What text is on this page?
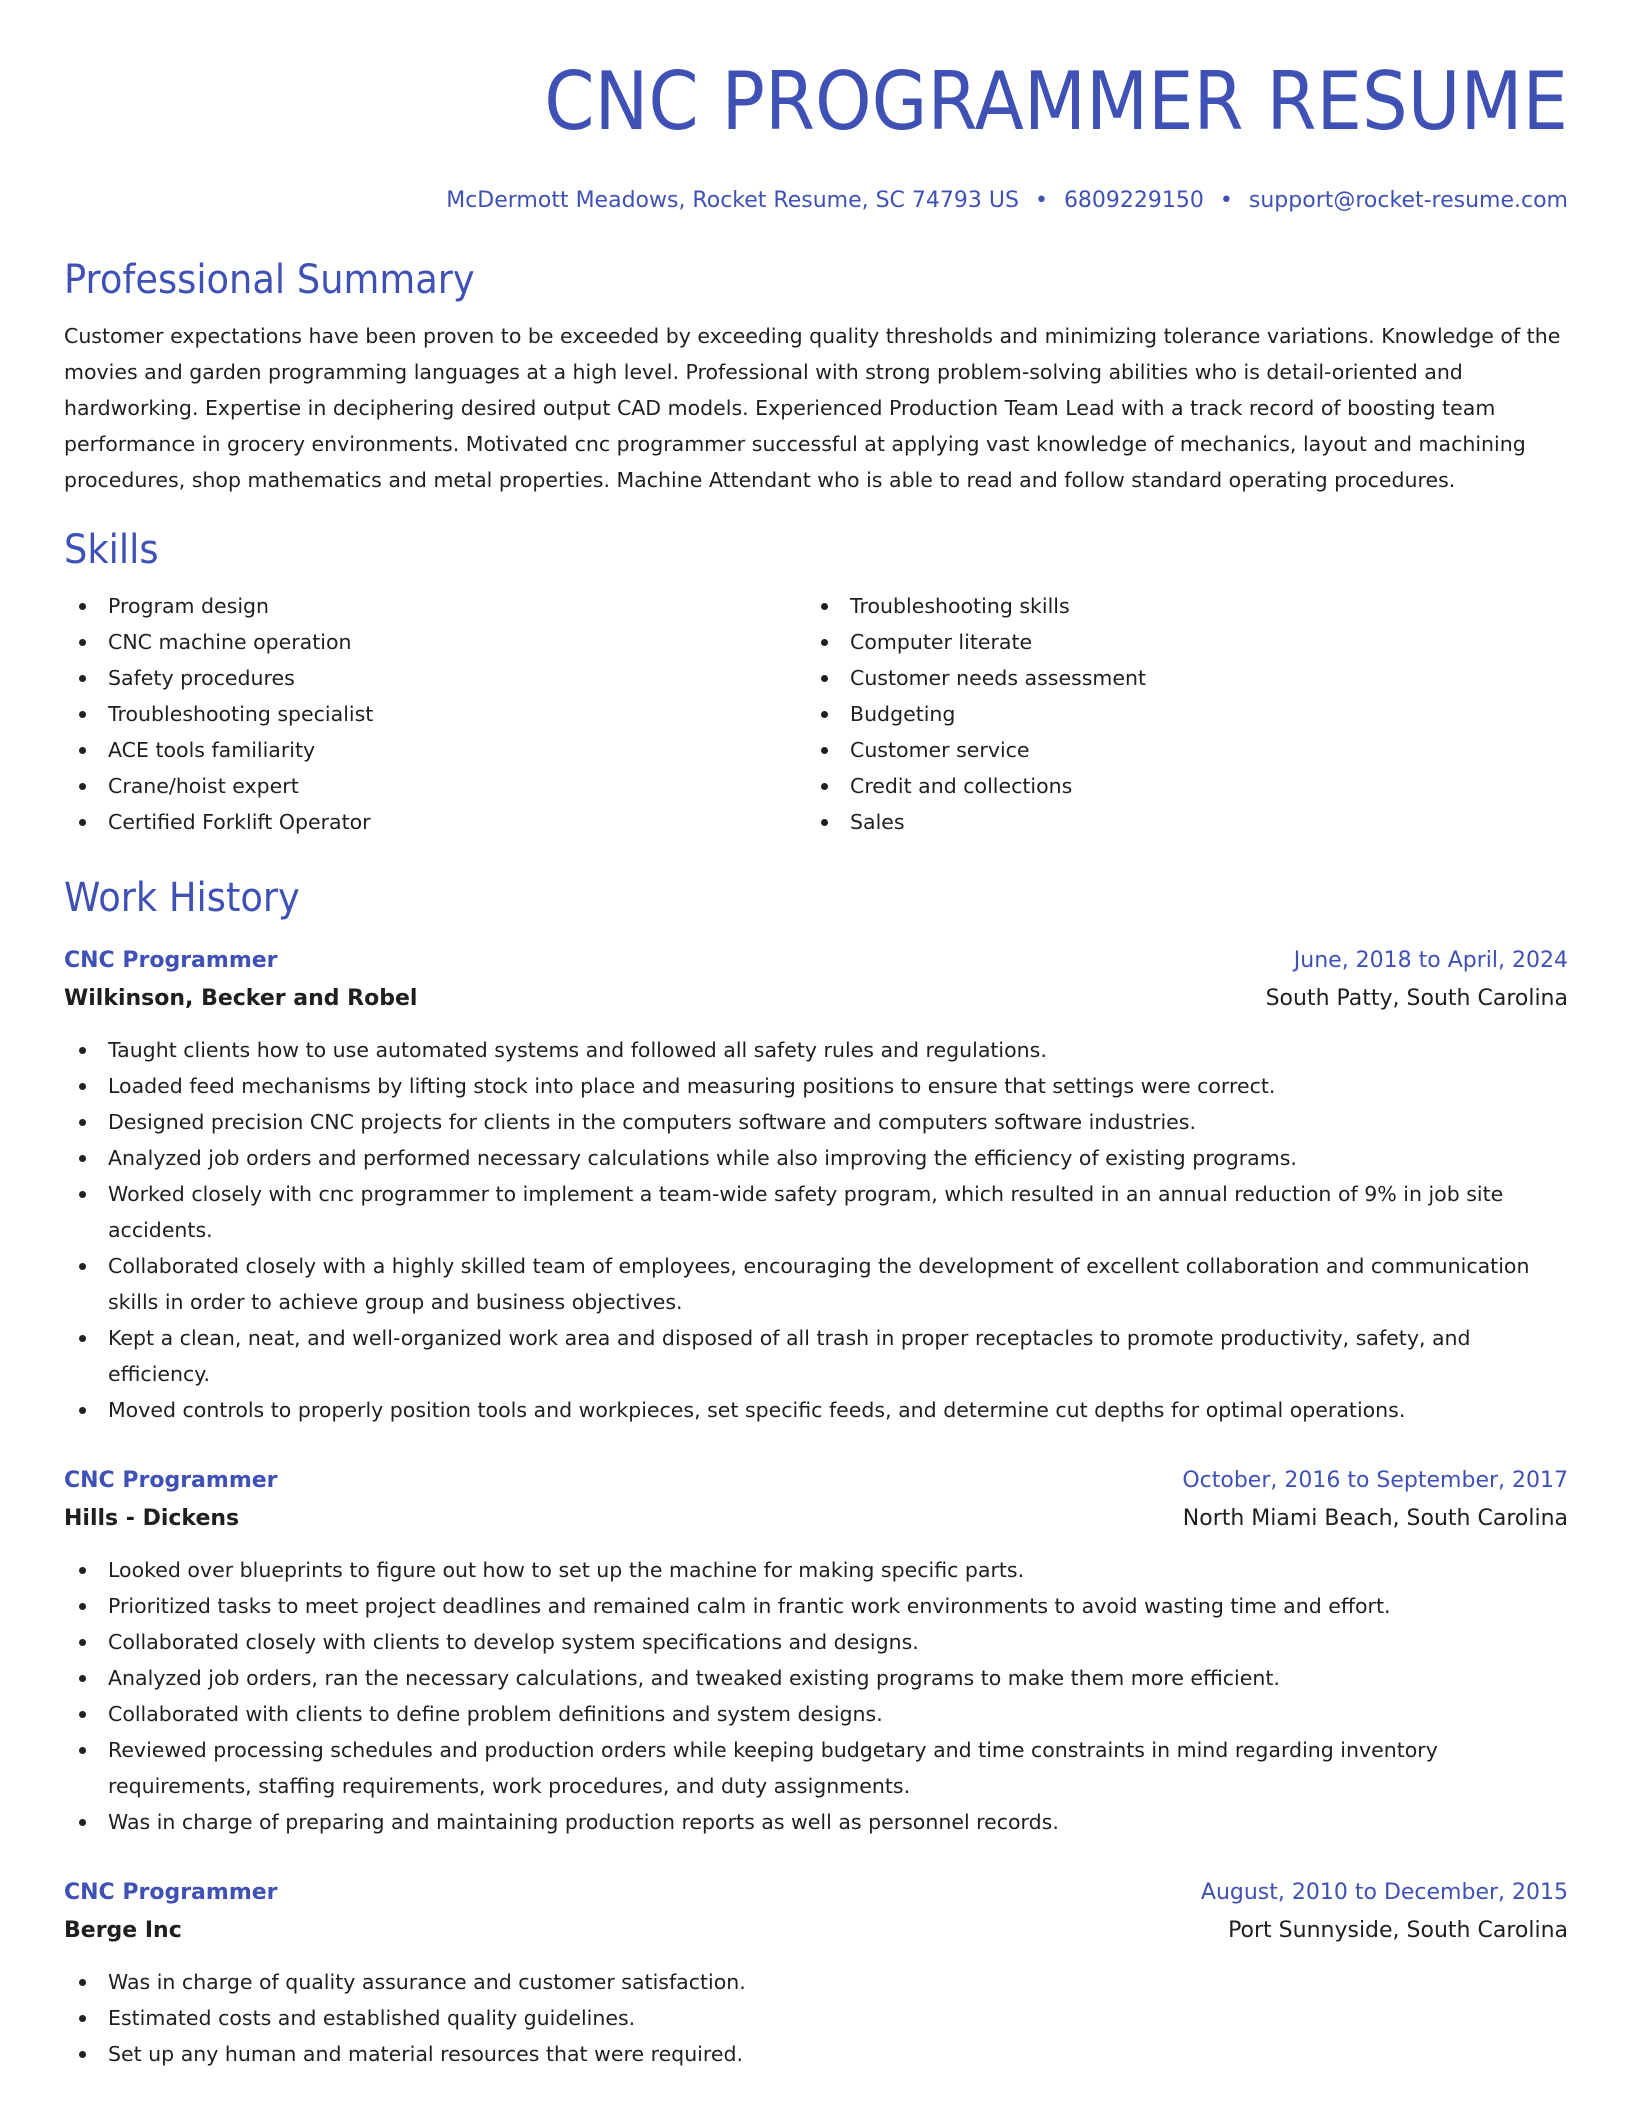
CNC PROGRAMMER RESUME
McDermott Meadows, Rocket Resume, SC 74793 US • 6809229150 • support@rocket-resume.com
Professional Summary

Customer expectations have been proven to be exceeded by exceeding quality thresholds and minimizing tolerance variations. Knowledge of the movies and garden programming languages at a high level. Professional with strong problem-solving abilities who is detail-oriented and hardworking. Expertise in deciphering desired output CAD models. Experienced Production Team Lead with a track record of boosting team performance in grocery environments. Motivated cnc programmer successful at applying vast knowledge of mechanics, layout and machining procedures, shop mathematics and metal properties. Machine Attendant who is able to read and follow standard operating procedures.

Skills
Program design
CNC machine operation
Safety procedures
Troubleshooting specialist
ACE tools familiarity
Crane/hoist expert
Certified Forklift Operator
Troubleshooting skills
Computer literate
Customer needs assessment
Budgeting
Customer service
Credit and collections
Sales
Work History
CNC Programmer	June, 2018 to April, 2024
Wilkinson, Becker and Robel	South Patty, South Carolina
Taught clients how to use automated systems and followed all safety rules and regulations.
Loaded feed mechanisms by lifting stock into place and measuring positions to ensure that settings were correct.
Designed precision CNC projects for clients in the computers software and computers software industries.
Analyzed job orders and performed necessary calculations while also improving the efficiency of existing programs.
Worked closely with cnc programmer to implement a team-wide safety program, which resulted in an annual reduction of 9% in job site accidents.
Collaborated closely with a highly skilled team of employees, encouraging the development of excellent collaboration and communication skills in order to achieve group and business objectives.
Kept a clean, neat, and well-organized work area and disposed of all trash in proper receptacles to promote productivity, safety, and efficiency.
Moved controls to properly position tools and workpieces, set specific feeds, and determine cut depths for optimal operations.
CNC Programmer	October, 2016 to September, 2017
Hills - Dickens	North Miami Beach, South Carolina
Looked over blueprints to figure out how to set up the machine for making specific parts.
Prioritized tasks to meet project deadlines and remained calm in frantic work environments to avoid wasting time and effort.
Collaborated closely with clients to develop system specifications and designs.
Analyzed job orders, ran the necessary calculations, and tweaked existing programs to make them more efficient.
Collaborated with clients to define problem definitions and system designs.
Reviewed processing schedules and production orders while keeping budgetary and time constraints in mind regarding inventory requirements, staffing requirements, work procedures, and duty assignments.
Was in charge of preparing and maintaining production reports as well as personnel records.
CNC Programmer	August, 2010 to December, 2015
Berge Inc	Port Sunnyside, South Carolina
Was in charge of quality assurance and customer satisfaction.
Estimated costs and established quality guidelines.
Set up any human and material resources that were required.
